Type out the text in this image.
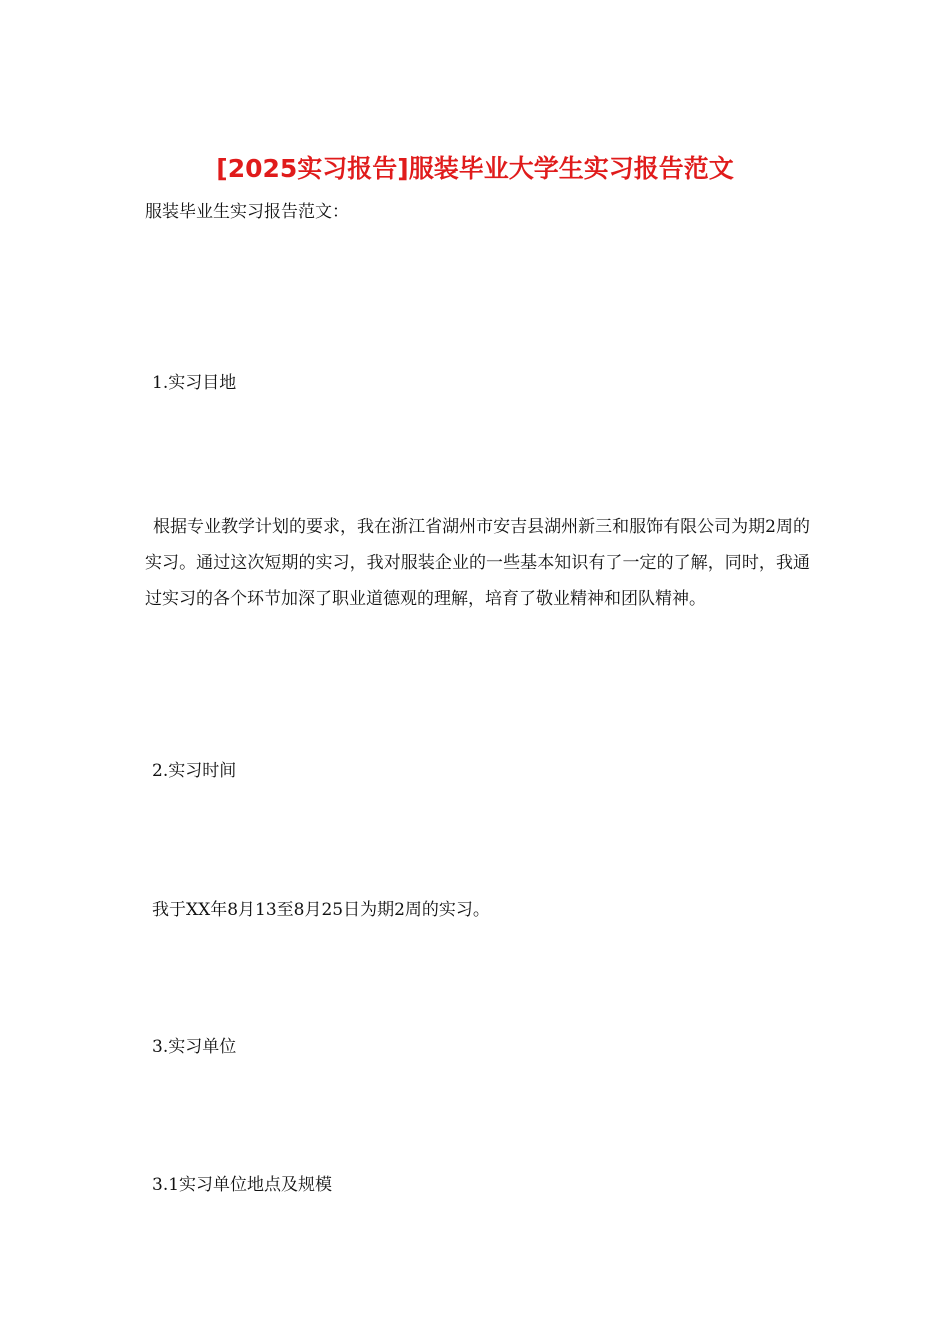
[2025实习报告]服装毕业大学生实习报告范文
服装毕业生实习报告范文：
1.实习目地
根据专业教学计划的要求，我在浙江省湖州市安吉县湖州新三和服饰有限公司为期2周的实习。通过这次短期的实习，我对服装企业的一些基本知识有了一定的了解，同时，我通过实习的各个环节加深了职业道德观的理解，培育了敬业精神和团队精神。
2.实习时间
我于XX年8月13至8月25日为期2周的实习。
3.实习单位
3.1实习单位地点及规模
